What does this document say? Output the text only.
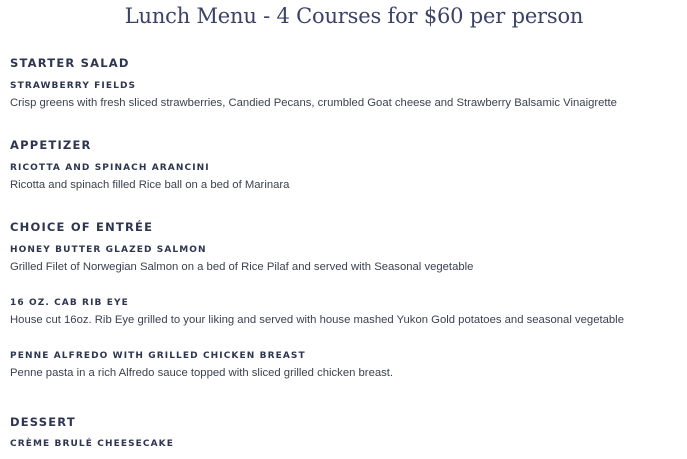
Lunch Menu - 4 Courses for $60 per person
STARTER SALAD
STRAWBERRY FIELDS
Crisp greens with fresh sliced strawberries, Candied Pecans, crumbled Goat cheese and Strawberry Balsamic Vinaigrette
APPETIZER
RICOTTA AND SPINACH ARANCINI
Ricotta and spinach filled Rice ball on a bed of Marinara
CHOICE OF ENTRÉE
HONEY BUTTER GLAZED SALMON
Grilled Filet of Norwegian Salmon on a bed of Rice Pilaf and served with Seasonal vegetable
16 OZ. CAB RIB EYE
House cut 16oz. Rib Eye grilled to your liking and served with house mashed Yukon Gold potatoes and seasonal vegetable
PENNE ALFREDO WITH GRILLED CHICKEN BREAST
Penne pasta in a rich Alfredo sauce topped with sliced grilled chicken breast.
DESSERT
CRÈME BRULÉ CHEESECAKE
